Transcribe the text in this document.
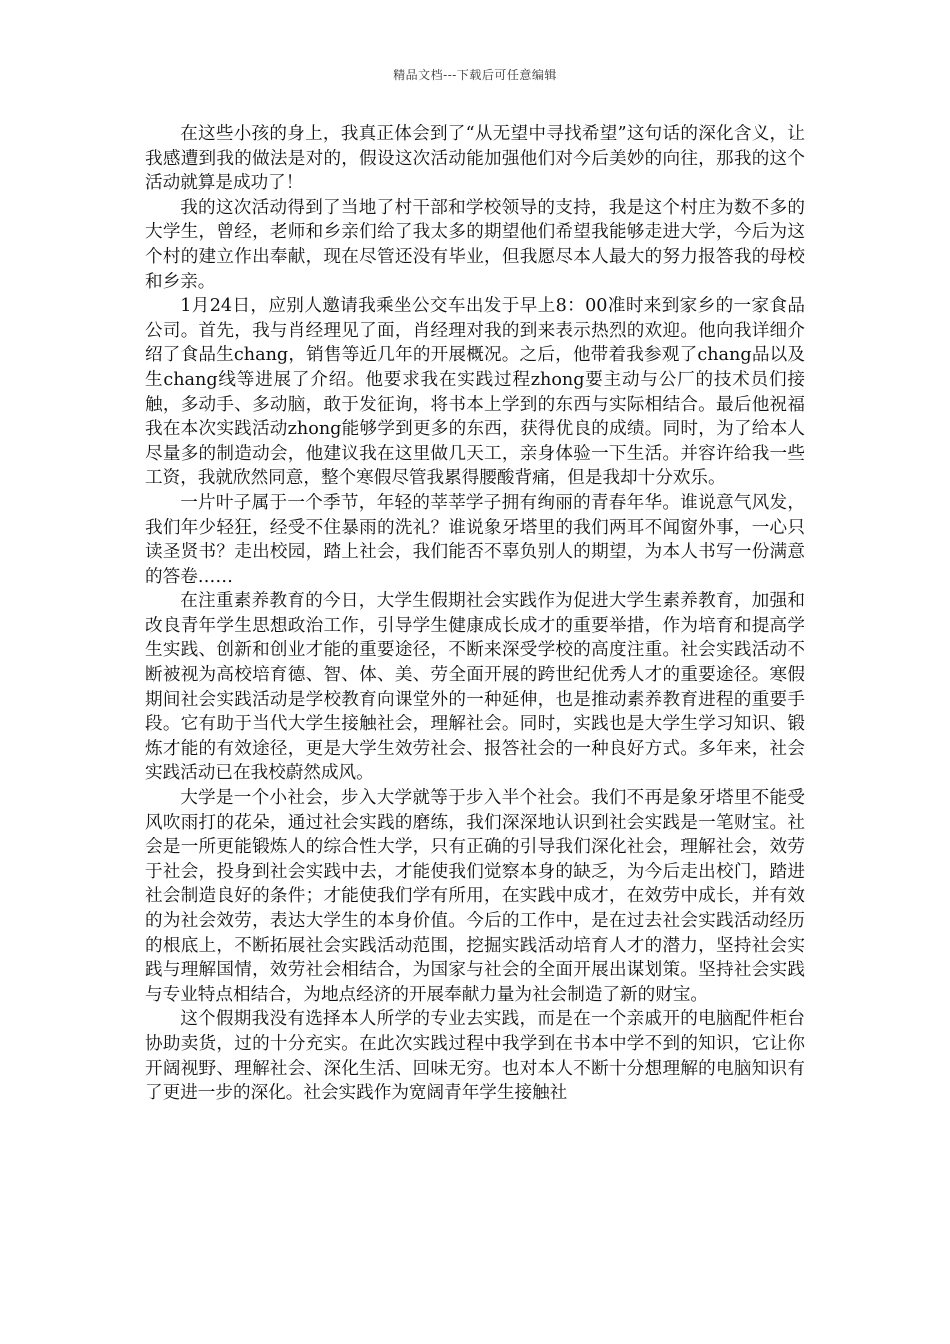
精品文档---下载后可任意编辑

在这些小孩的身上，我真正体会到了“从无望中寻找希望”这句话的深化含义，让我感遭到我的做法是对的，假设这次活动能加强他们对今后美妙的向往，那我的这个活动就算是成功了！

我的这次活动得到了当地了村干部和学校领导的支持，我是这个村庄为数不多的大学生，曾经，老师和乡亲们给了我太多的期望他们希望我能够走进大学，今后为这个村的建立作出奉献，现在尽管还没有毕业，但我愿尽本人最大的努力报答我的母校和乡亲。

1月24日，应别人邀请我乘坐公交车出发于早上8：00准时来到家乡的一家食品公司。首先，我与肖经理见了面，肖经理对我的到来表示热烈的欢迎。他向我详细介绍了食品生chang，销售等近几年的开展概况。之后，他带着我参观了chang品以及生chang线等进展了介绍。他要求我在实践过程zhong要主动与公厂的技术员们接触，多动手、多动脑，敢于发征询，将书本上学到的东西与实际相结合。最后他祝福我在本次实践活动zhong能够学到更多的东西，获得优良的成绩。同时，为了给本人尽量多的制造动会，他建议我在这里做几天工，亲身体验一下生活。并容许给我一些工资，我就欣然同意，整个寒假尽管我累得腰酸背痛，但是我却十分欢乐。

一片叶子属于一个季节，年轻的莘莘学子拥有绚丽的青春年华。谁说意气风发，我们年少轻狂，经受不住暴雨的洗礼？谁说象牙塔里的我们两耳不闻窗外事，一心只读圣贤书？走出校园，踏上社会，我们能否不辜负别人的期望，为本人书写一份满意的答卷……

在注重素养教育的今日，大学生假期社会实践作为促进大学生素养教育，加强和改良青年学生思想政治工作，引导学生健康成长成才的重要举措，作为培育和提高学生实践、创新和创业才能的重要途径，不断来深受学校的高度注重。社会实践活动不断被视为高校培育德、智、体、美、劳全面开展的跨世纪优秀人才的重要途径。寒假期间社会实践活动是学校教育向课堂外的一种延伸，也是推动素养教育进程的重要手段。它有助于当代大学生接触社会，理解社会。同时，实践也是大学生学习知识、锻炼才能的有效途径，更是大学生效劳社会、报答社会的一种良好方式。多年来，社会实践活动已在我校蔚然成风。

大学是一个小社会，步入大学就等于步入半个社会。我们不再是象牙塔里不能受风吹雨打的花朵，通过社会实践的磨练，我们深深地认识到社会实践是一笔财宝。社会是一所更能锻炼人的综合性大学，只有正确的引导我们深化社会，理解社会，效劳于社会，投身到社会实践中去，才能使我们觉察本身的缺乏，为今后走出校门，踏进社会制造良好的条件；才能使我们学有所用，在实践中成才，在效劳中成长，并有效的为社会效劳，表达大学生的本身价值。今后的工作中，是在过去社会实践活动经历的根底上，不断拓展社会实践活动范围，挖掘实践活动培育人才的潜力，坚持社会实践与理解国情，效劳社会相结合，为国家与社会的全面开展出谋划策。坚持社会实践与专业特点相结合，为地点经济的开展奉献力量为社会制造了新的财宝。

这个假期我没有选择本人所学的专业去实践，而是在一个亲戚开的电脑配件柜台协助卖货，过的十分充实。在此次实践过程中我学到在书本中学不到的知识，它让你开阔视野、理解社会、深化生活、回味无穷。也对本人不断十分想理解的电脑知识有了更进一步的深化。社会实践作为宽阔青年学生接触社
